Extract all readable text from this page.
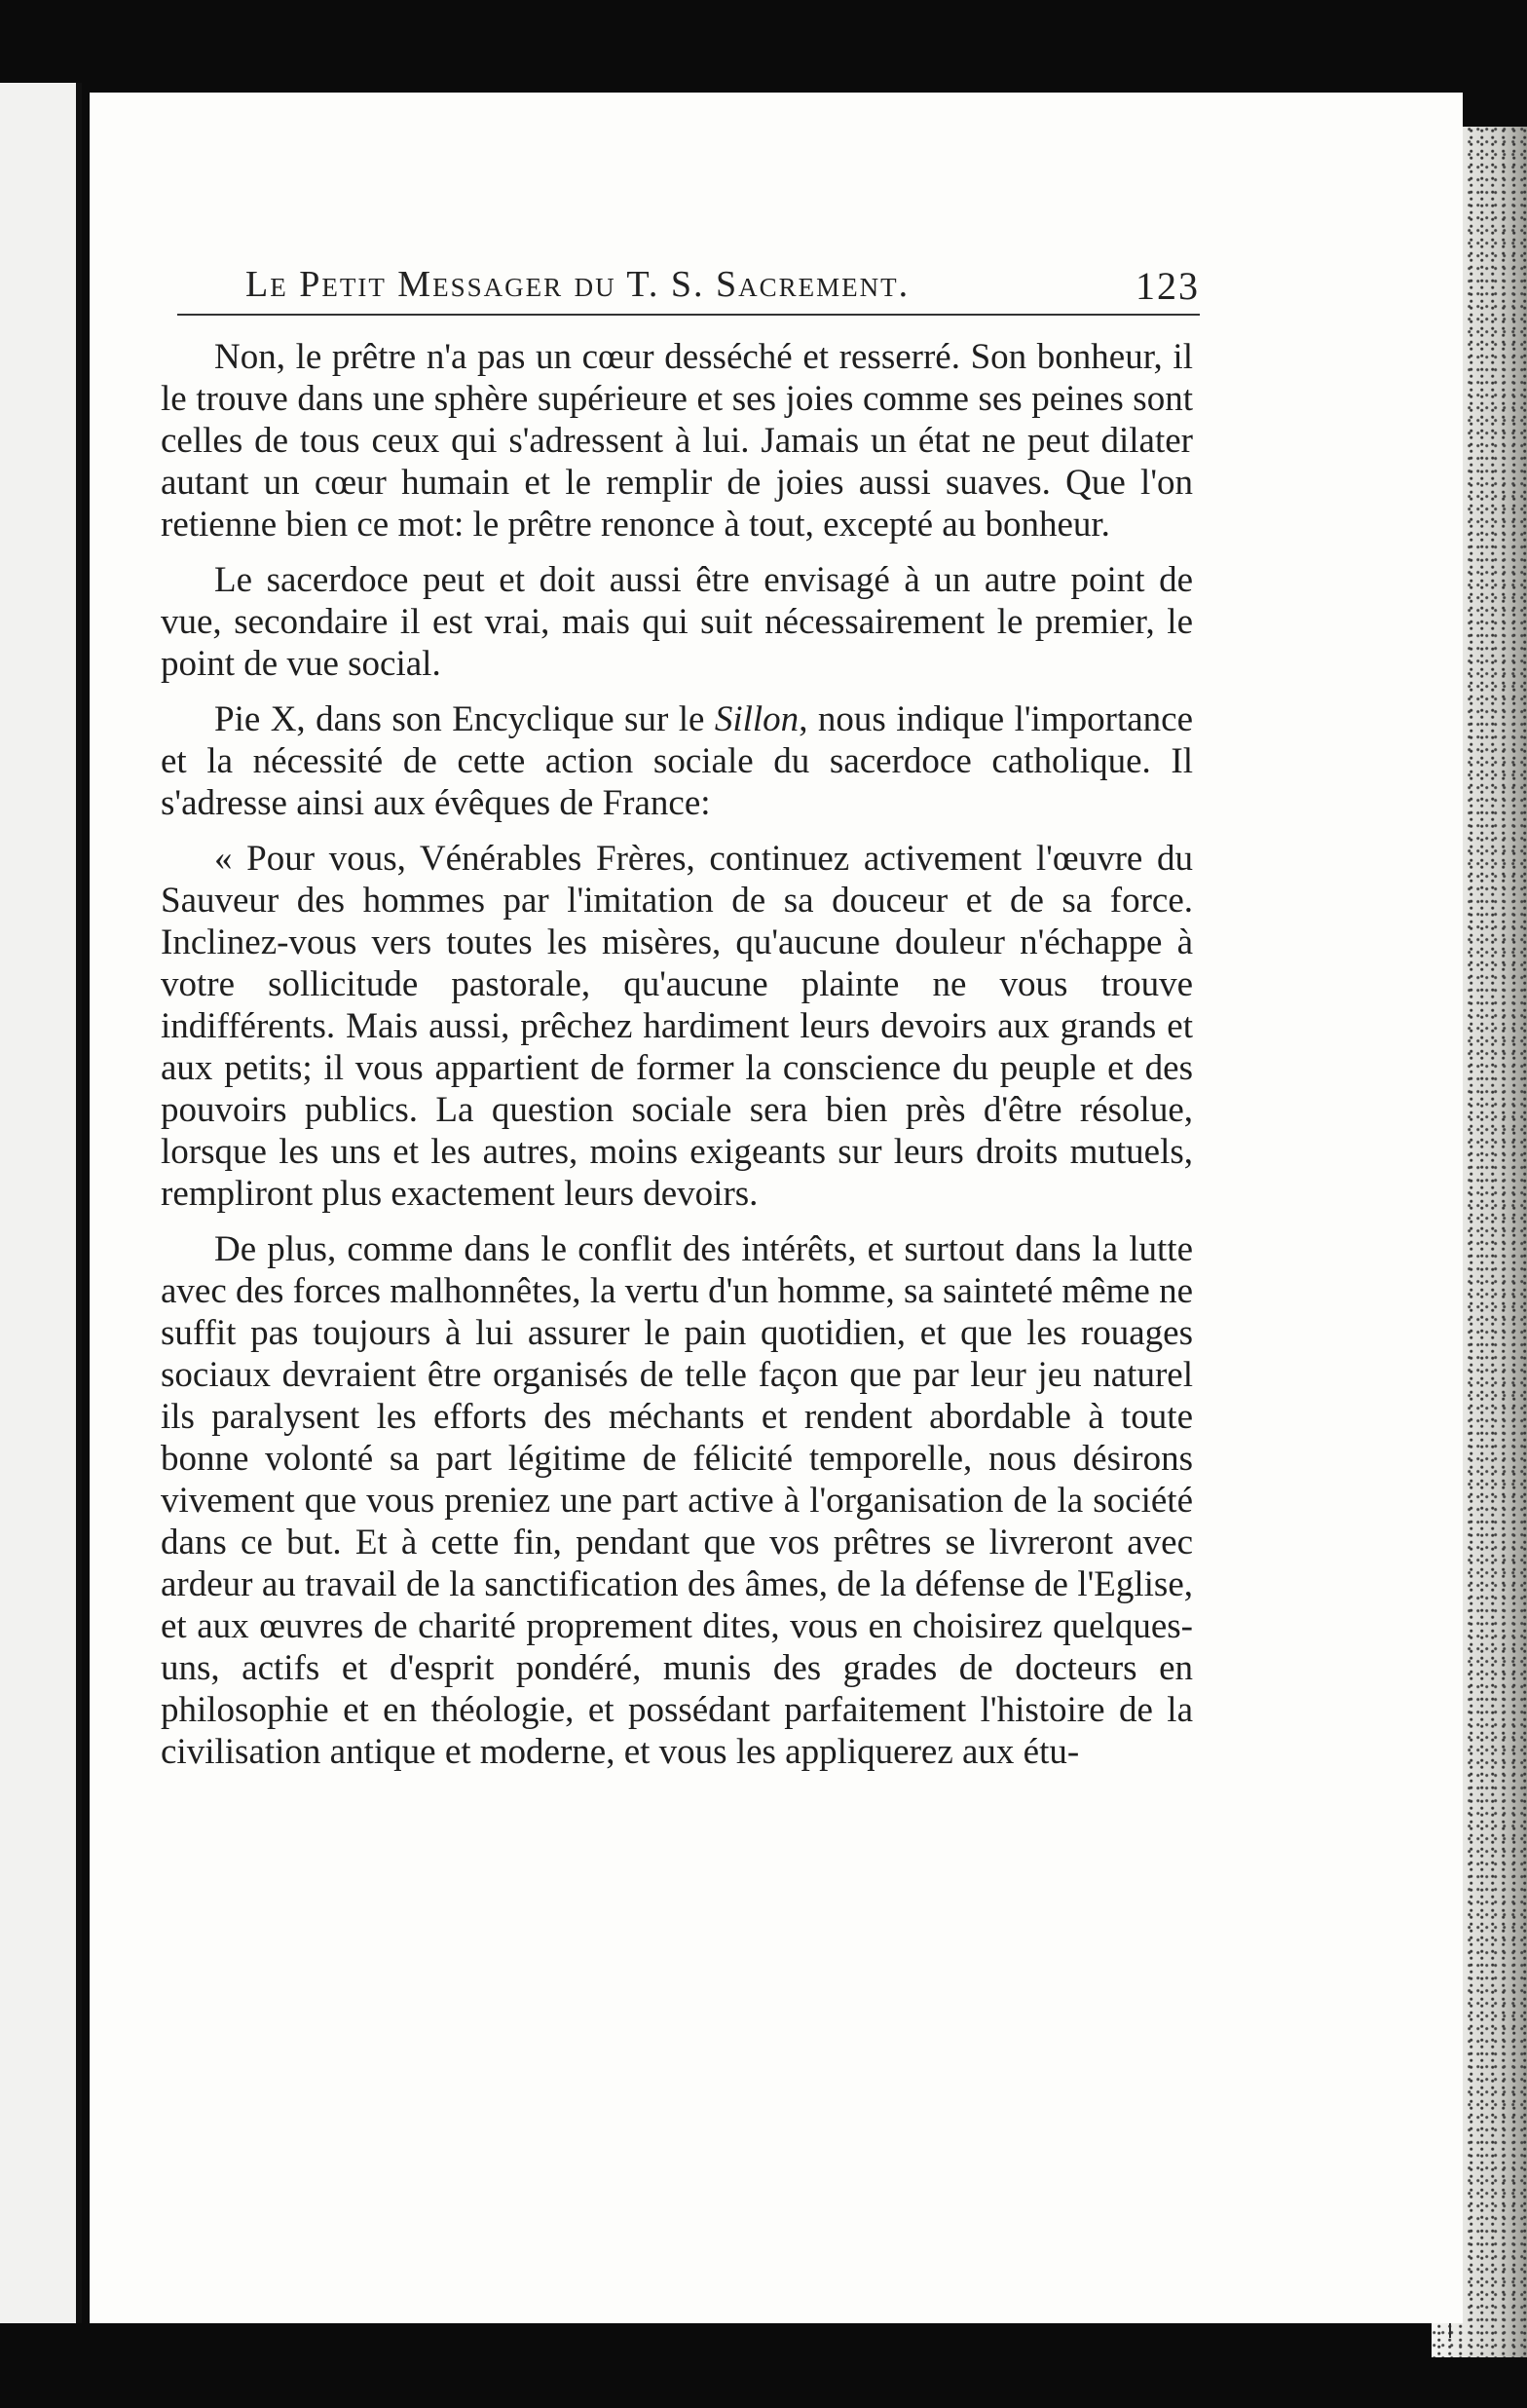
Le Petit Messager du T. S. Sacrement.	123

Non, le prêtre n'a pas un cœur desséché et resserré. Son bonheur, il le trouve dans une sphère supérieure et ses joies comme ses peines sont celles de tous ceux qui s'adressent à lui. Jamais un état ne peut dilater autant un cœur humain et le remplir de joies aussi suaves. Que l'on retienne bien ce mot: le prêtre renonce à tout, excepté au bonheur.

Le sacerdoce peut et doit aussi être envisagé à un autre point de vue, secondaire il est vrai, mais qui suit nécessairement le premier, le point de vue social.

Pie X, dans son Encyclique sur le Sillon, nous indique l'importance et la nécessité de cette action sociale du sacerdoce catholique. Il s'adresse ainsi aux évêques de France:

« Pour vous, Vénérables Frères, continuez activement l'œuvre du Sauveur des hommes par l'imitation de sa douceur et de sa force. Inclinez-vous vers toutes les misères, qu'aucune douleur n'échappe à votre sollicitude pastorale, qu'aucune plainte ne vous trouve indifférents. Mais aussi, prêchez hardiment leurs devoirs aux grands et aux petits; il vous appartient de former la conscience du peuple et des pouvoirs publics. La question sociale sera bien près d'être résolue, lorsque les uns et les autres, moins exigeants sur leurs droits mutuels, rempliront plus exactement leurs devoirs.

De plus, comme dans le conflit des intérêts, et surtout dans la lutte avec des forces malhonnêtes, la vertu d'un homme, sa sainteté même ne suffit pas toujours à lui assurer le pain quotidien, et que les rouages sociaux devraient être organisés de telle façon que par leur jeu naturel ils paralysent les efforts des méchants et rendent abordable à toute bonne volonté sa part légitime de félicité temporelle, nous désirons vivement que vous preniez une part active à l'organisation de la société dans ce but. Et à cette fin, pendant que vos prêtres se livreront avec ardeur au travail de la sanctification des âmes, de la défense de l'Eglise, et aux œuvres de charité proprement dites, vous en choisirez quelques-uns, actifs et d'esprit pondéré, munis des grades de docteurs en philosophie et en théologie, et possédant parfaitement l'histoire de la civilisation antique et moderne, et vous les appliquerez aux étu-
